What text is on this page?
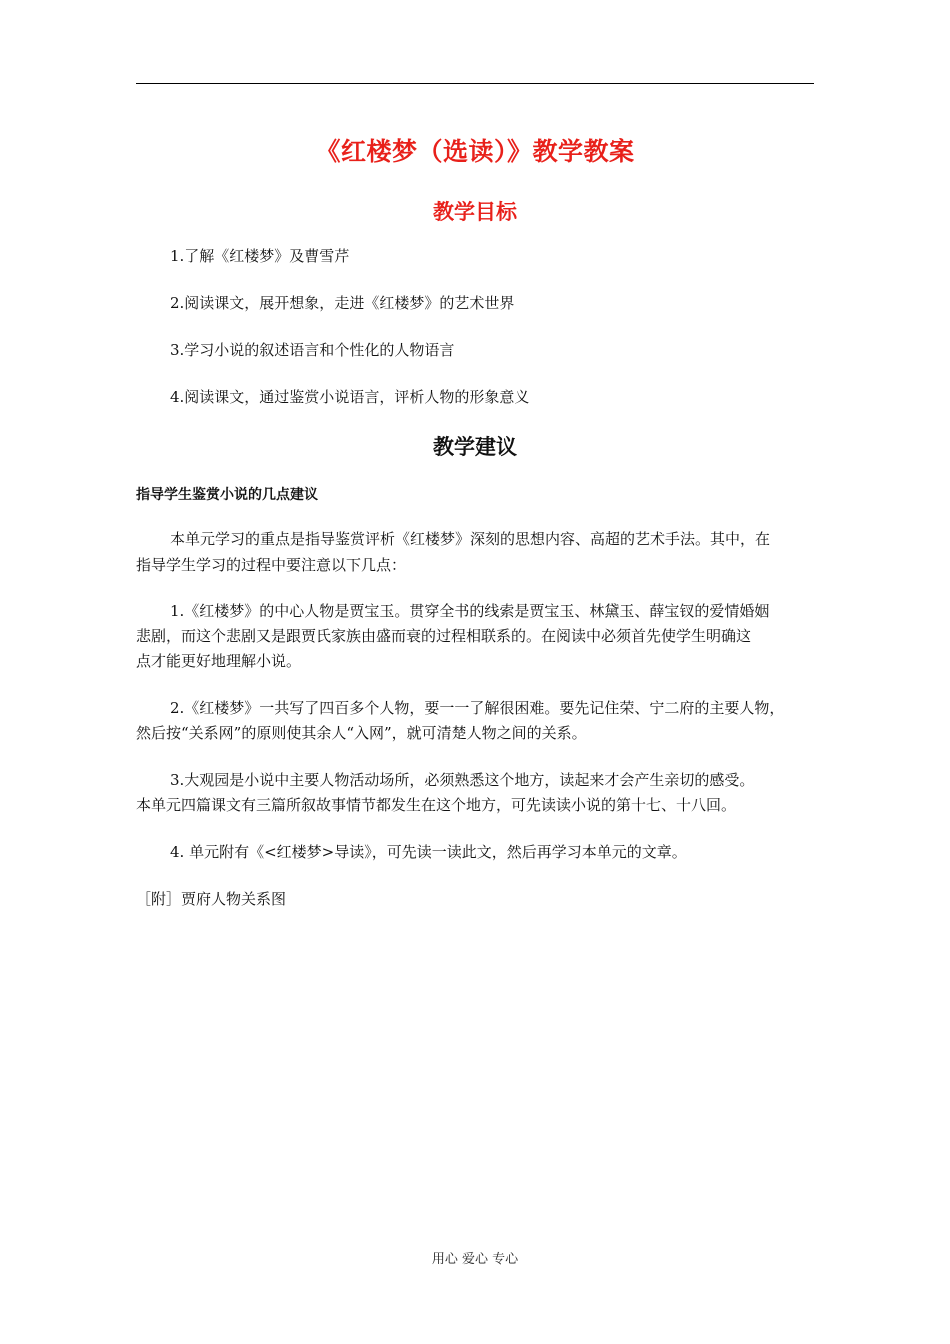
《红楼梦（选读）》教学教案
教学目标
1.了解《红楼梦》及曹雪芹
2.阅读课文，展开想象，走进《红楼梦》的艺术世界
3.学习小说的叙述语言和个性化的人物语言
4.阅读课文，通过鉴赏小说语言，评析人物的形象意义
教学建议
指导学生鉴赏小说的几点建议
本单元学习的重点是指导鉴赏评析《红楼梦》深刻的思想内容、高超的艺术手法。其中，在
指导学生学习的过程中要注意以下几点：
1.《红楼梦》的中心人物是贾宝玉。贯穿全书的线索是贾宝玉、林黛玉、薛宝钗的爱情婚姻
悲剧，而这个悲剧又是跟贾氏家族由盛而衰的过程相联系的。在阅读中必须首先使学生明确这
点才能更好地理解小说。
2.《红楼梦》一共写了四百多个人物，要一一了解很困难。要先记住荣、宁二府的主要人物，
然后按“关系网”的原则使其余人“入网”，就可清楚人物之间的关系。
3.大观园是小说中主要人物活动场所，必须熟悉这个地方，读起来才会产生亲切的感受。
本单元四篇课文有三篇所叙故事情节都发生在这个地方，可先读读小说的第十七、十八回。
4. 单元附有《<红楼梦>导读》，可先读一读此文，然后再学习本单元的文章。
［附］贾府人物关系图
用心 爱心 专心
